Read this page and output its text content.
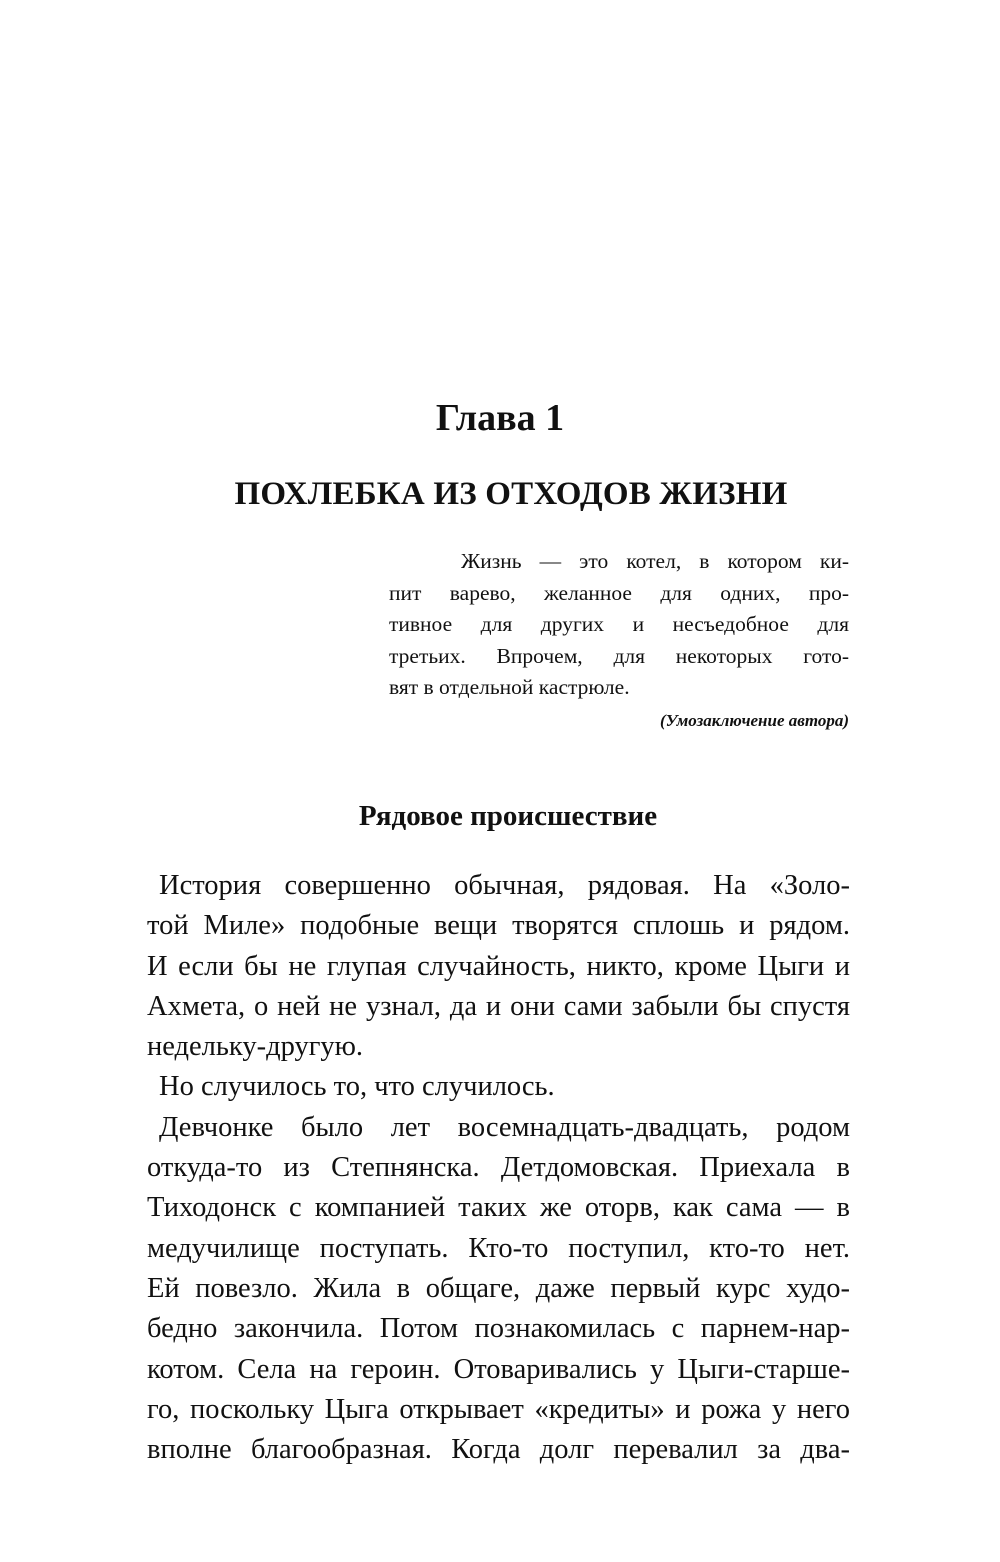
Глава 1
ПОХЛЕБКА ИЗ ОТХОДОВ ЖИЗНИ
Жизнь — это котел, в котором ки-
пит варево, желанное для одних, про-
тивное для других и несъедобное для
третьих. Впрочем, для некоторых гото-
вят в отдельной кастрюле.
(Умозаключение автора)
Рядовое происшествие
История совершенно обычная, рядовая. На «Золо-
той Миле» подобные вещи творятся сплошь и рядом.
И если бы не глупая случайность, никто, кроме Цыги и
Ахмета, о ней не узнал, да и они сами забыли бы спустя
недельку-другую.
Но случилось то, что случилось.
Девчонке было лет восемнадцать-двадцать, родом
откуда-то из Степнянска. Детдомовская. Приехала в
Тиходонск с компанией таких же оторв, как сама — в
медучилище поступать. Кто-то поступил, кто-то нет.
Ей повезло. Жила в общаге, даже первый курс худо-
бедно закончила. Потом познакомилась с парнем-нар-
котом. Села на героин. Отоваривались у Цыги-старше-
го, поскольку Цыга открывает «кредиты» и рожа у него
вполне благообразная. Когда долг перевалил за два-
